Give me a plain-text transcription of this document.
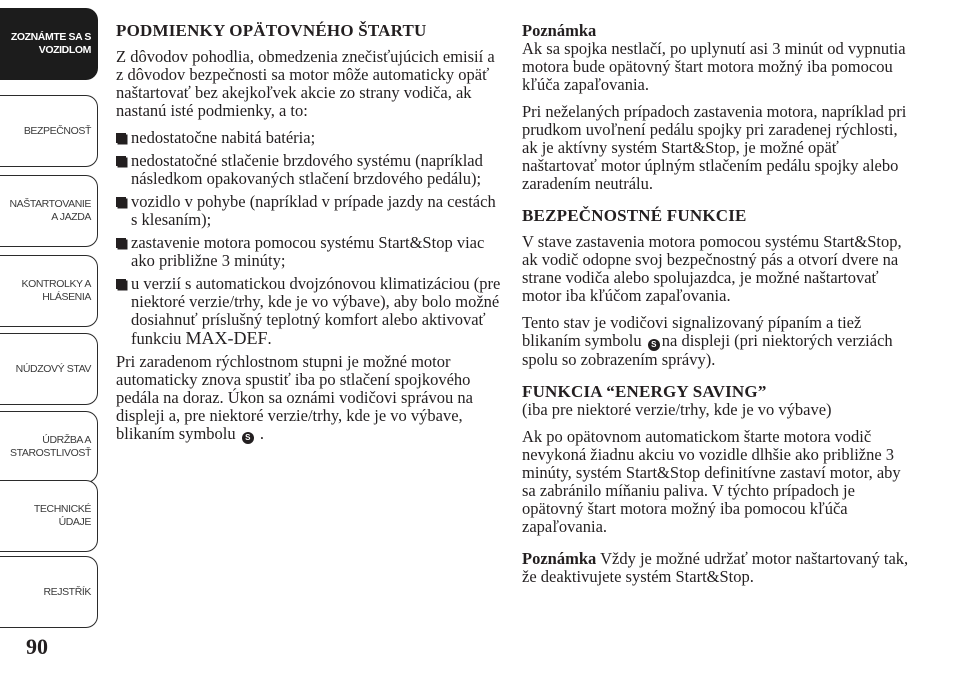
ZOZNÁMTE SA S
VOZIDLOM
BEZPEČNOSŤ
NAŠTARTOVANIE
A JAZDA
KONTROLKY A
HLÁSENIA
NÚDZOVÝ STAV
ÚDRŽBA A
STAROSTLIVOSŤ
TECHNICKÉ
ÚDAJE
REJSTŘÍK
90
PODMIENKY OPÄTOVNÉHO ŠTARTU

Z dôvodov pohodlia, obmedzenia znečisťujúcich emisií a z dôvodov bezpečnosti sa motor môže automaticky opäť naštartovať bez akejkoľvek akcie zo strany vodiča, ak nastanú isté podmienky, a to:

nedostatočne nabitá batéria;
nedostatočné stlačenie brzdového systému (napríklad následkom opakovaných stlačení brzdového pedálu);
vozidlo v pohybe (napríklad v prípade jazdy na cestách s klesaním);
zastavenie motora pomocou systému Start&Stop viac ako približne 3 minúty;
u verzií s automatickou dvojzónovou klimatizáciou (pre niektoré verzie/trhy, kde je vo výbave), aby bolo možné dosiahnuť príslušný teplotný komfort alebo aktivovať funkciu MAX-DEF.

Pri zaradenom rýchlostnom stupni je možné motor automaticky znova spustiť iba po stlačení spojkového pedála na doraz. Úkon sa oznámi vodičovi správou na displeji a, pre niektoré verzie/trhy, kde je vo výbave, blikaním symbolu S .

Poznámka

Ak sa spojka nestlačí, po uplynutí asi 3 minút od vypnutia motora bude opätovný štart motora možný iba pomocou kľúča zapaľovania.

Pri neželaných prípadoch zastavenia motora, napríklad pri prudkom uvoľnení pedálu spojky pri zaradenej rýchlosti, ak je aktívny systém Start&Stop, je možné opäť naštartovať motor úplným stlačením pedálu spojky alebo zaradením neutrálu.

BEZPEČNOSTNÉ FUNKCIE

V stave zastavenia motora pomocou systému Start&Stop, ak vodič odopne svoj bezpečnostný pás a otvorí dvere na strane vodiča alebo spolujazdca, je možné naštartovať motor iba kľúčom zapaľovania.

Tento stav je vodičovi signalizovaný pípaním a tiež blikaním symbolu S na displeji (pri niektorých verziách spolu so zobrazením správy).

FUNKCIA “ENERGY SAVING”

(iba pre niektoré verzie/trhy, kde je vo výbave)

Ak po opätovnom automatickom štarte motora vodič nevykoná žiadnu akciu vo vozidle dlhšie ako približne 3 minúty, systém Start&Stop definitívne zastaví motor, aby sa zabránilo míňaniu paliva. V týchto prípadoch je opätovný štart motora možný iba pomocou kľúča zapaľovania.

Poznámka Vždy je možné udržať motor naštartovaný tak, že deaktivujete systém Start&Stop.
